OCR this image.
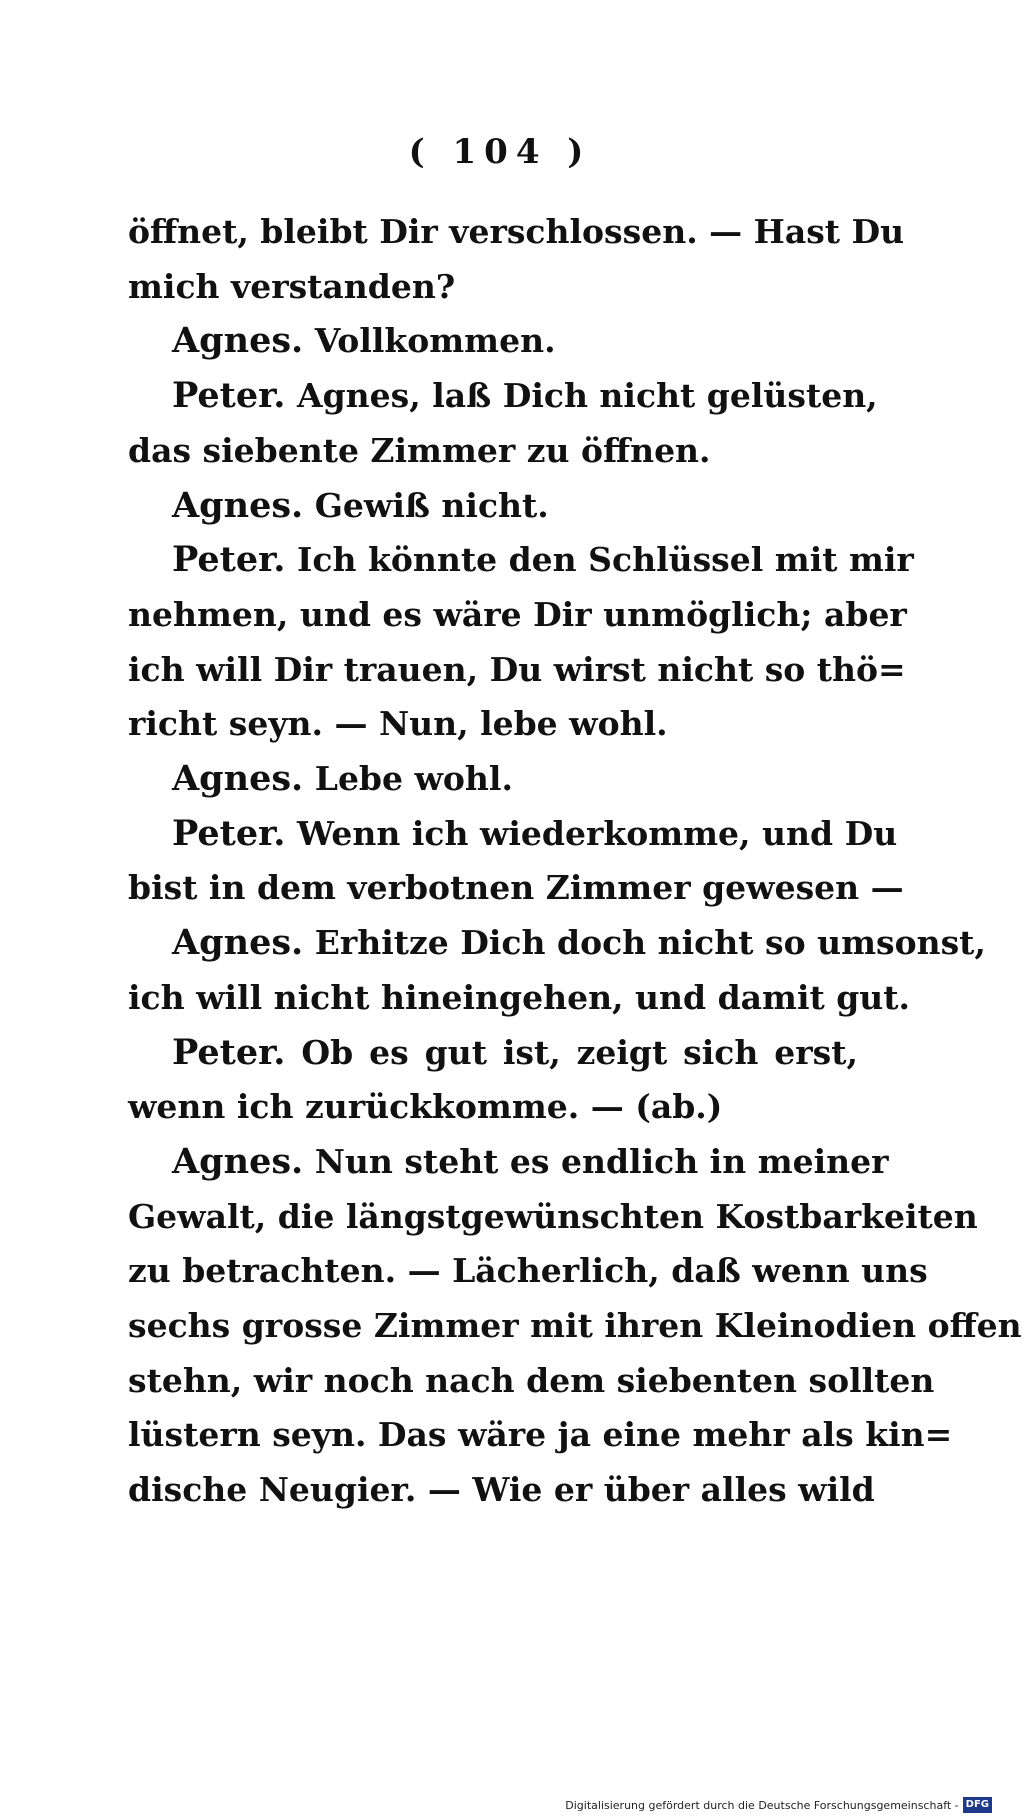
( 104 )
öffnet, bleibt Dir verschlossen. — Hast Du
mich verstanden?
Agnes. Vollkommen.
Peter. Agnes, laß Dich nicht gelüsten,
das siebente Zimmer zu öffnen.
Agnes. Gewiß nicht.
Peter. Ich könnte den Schlüssel mit mir
nehmen, und es wäre Dir unmöglich; aber
ich will Dir trauen, Du wirst nicht so thö=
richt seyn. — Nun, lebe wohl.
Agnes. Lebe wohl.
Peter. Wenn ich wiederkomme, und Du
bist in dem verbotnen Zimmer gewesen —
Agnes. Erhitze Dich doch nicht so umsonst,
ich will nicht hineingehen, und damit gut.
Peter. Ob es gut ist, zeigt sich erst,
wenn ich zurückkomme. — (ab.)
Agnes. Nun steht es endlich in meiner
Gewalt, die längstgewünschten Kostbarkeiten
zu betrachten. — Lächerlich, daß wenn uns
sechs grosse Zimmer mit ihren Kleinodien offen
stehn, wir noch nach dem siebenten sollten
lüstern seyn. Das wäre ja eine mehr als kin=
dische Neugier. — Wie er über alles wild
Digitalisierung gefördert durch die Deutsche Forschungsgemeinschaft - DFG
